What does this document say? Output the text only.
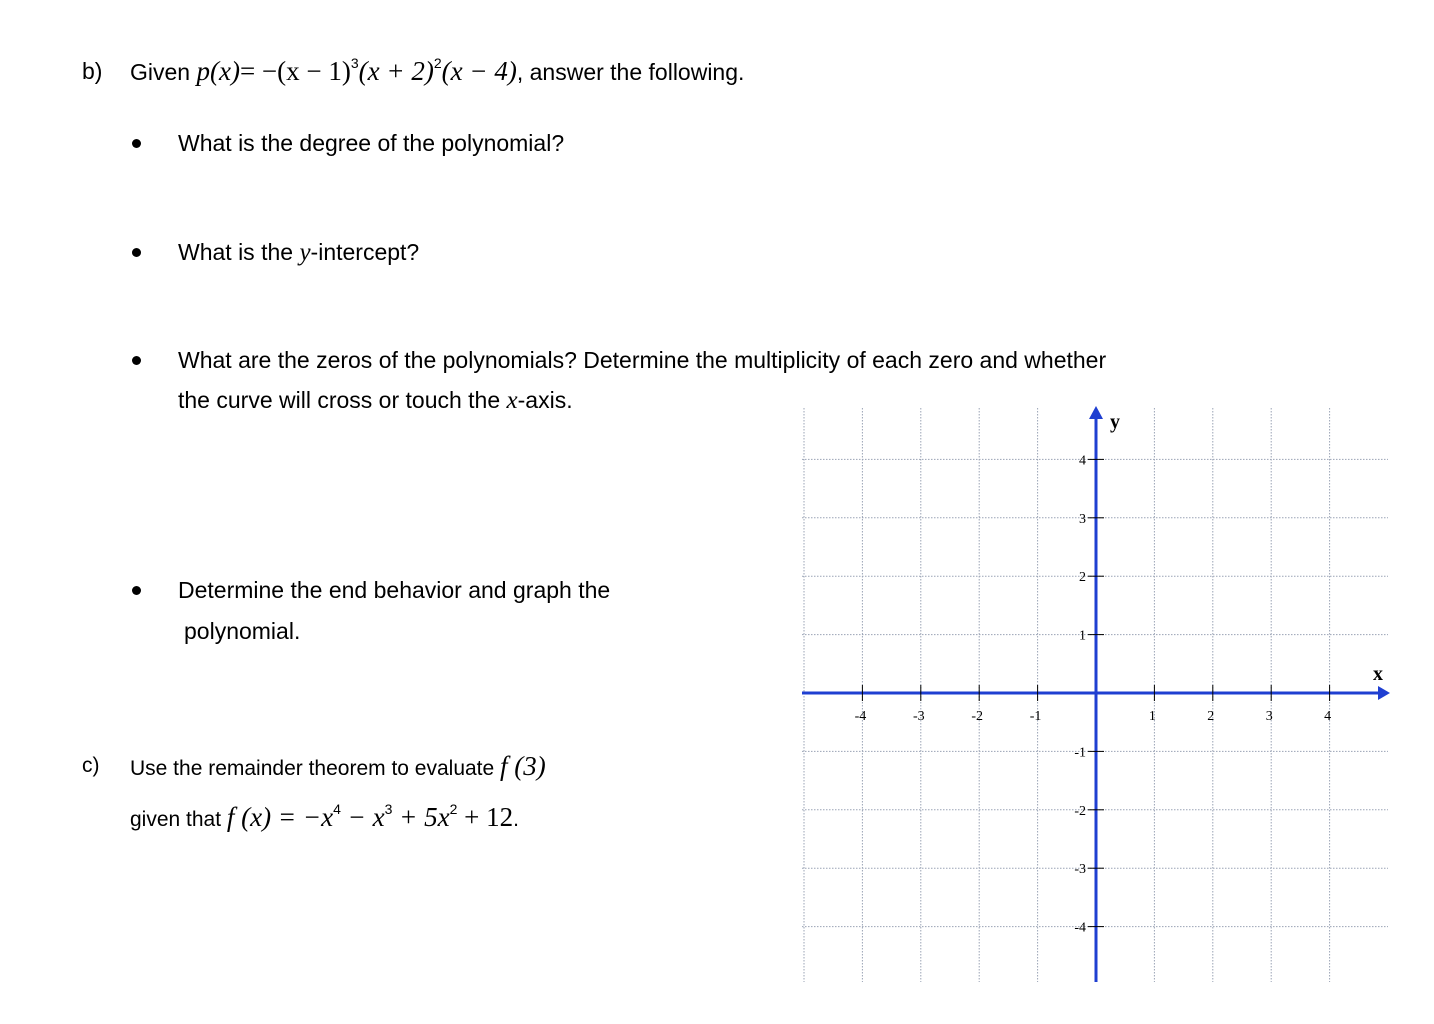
b) Given $p(x)= -(x - 1)^3(x + 2)^2(x - 4)$, answer the following.
What is the degree of the polynomial?
What is the y-intercept?
What are the zeros of the polynomials? Determine the multiplicity of each zero and whether
the curve will cross or touch the x-axis.
Determine the end behavior and graph the
polynomial.
c) Use the remainder theorem to evaluate f (3)
given that f $(x) = -x^4 - x^3 + 5x^2 + 12$.
-4	-3	-2	-1	1	2	3	4
4
3
2
1
-1
-2
-3
-4
x
y
